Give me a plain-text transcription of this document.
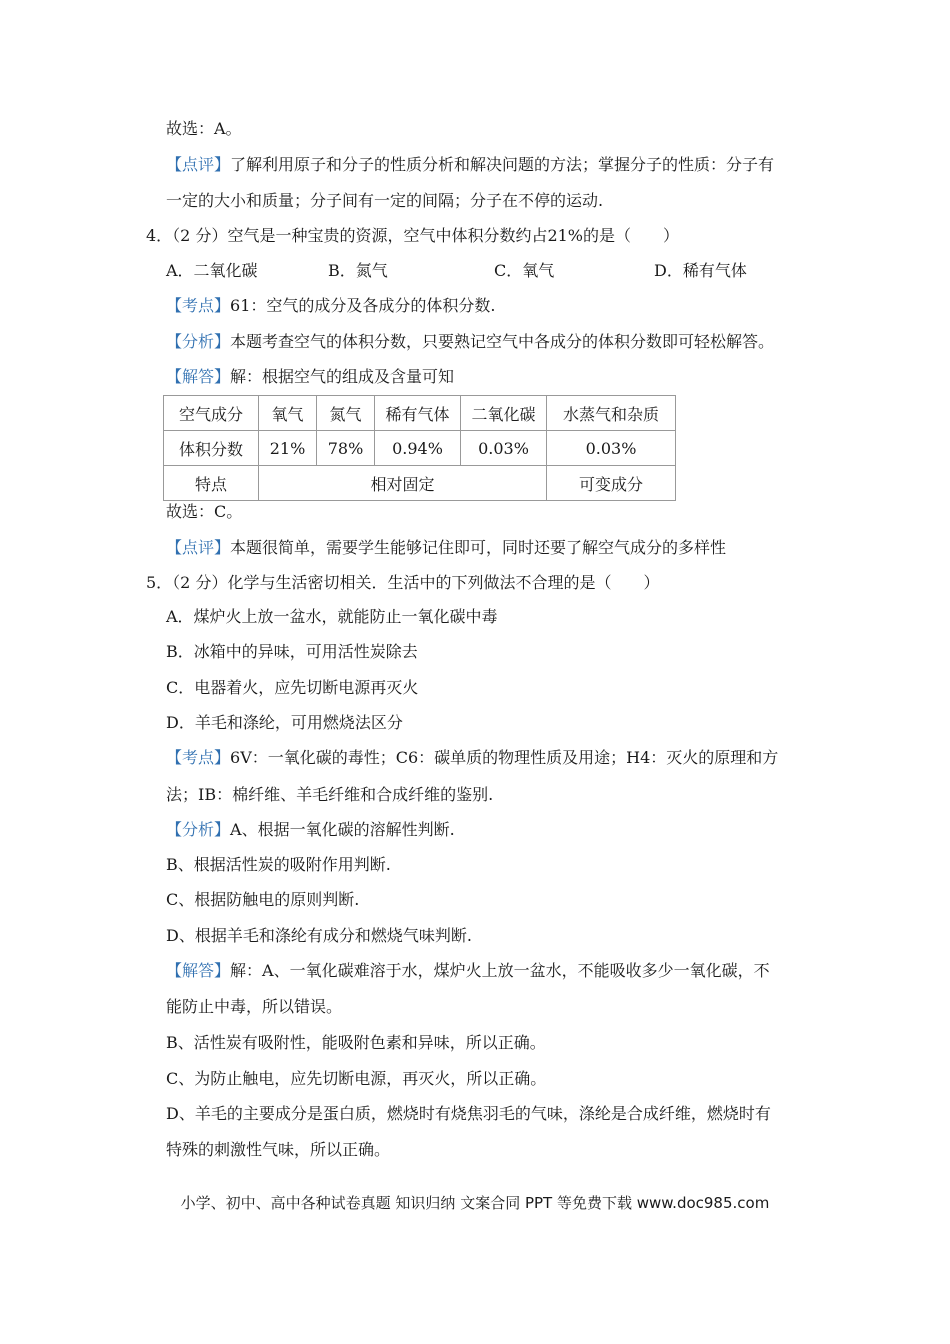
故选：A。
【点评】了解利用原子和分子的性质分析和解决问题的方法；掌握分子的性质：分子有
一定的大小和质量；分子间有一定的间隔；分子在不停的运动.
4．（2 分）空气是一种宝贵的资源，空气中体积分数约占21%的是（　　）
A．二氧化碳	B．氮气	C．氧气	D．稀有气体
【考点】61：空气的成分及各成分的体积分数.
【分析】本题考查空气的体积分数，只要熟记空气中各成分的体积分数即可轻松解答。
【解答】解：根据空气的组成及含量可知
空气成分	氧气	氮气	稀有气体	二氧化碳	水蒸气和杂质
体积分数	21%	78%	0.94%	0.03%	0.03%
特点	相对固定				可变成分
故选：C。
【点评】本题很简单，需要学生能够记住即可，同时还要了解空气成分的多样性
5．（2 分）化学与生活密切相关．生活中的下列做法不合理的是（　　）
A．煤炉火上放一盆水，就能防止一氧化碳中毒
B．冰箱中的异味，可用活性炭除去
C．电器着火，应先切断电源再灭火
D．羊毛和涤纶，可用燃烧法区分
【考点】6V：一氧化碳的毒性；C6：碳单质的物理性质及用途；H4：灭火的原理和方
法；IB：棉纤维、羊毛纤维和合成纤维的鉴别.
【分析】A、根据一氧化碳的溶解性判断.
B、根据活性炭的吸附作用判断.
C、根据防触电的原则判断.
D、根据羊毛和涤纶有成分和燃烧气味判断.
【解答】解：A、一氧化碳难溶于水，煤炉火上放一盆水，不能吸收多少一氧化碳，不
能防止中毒，所以错误。
B、活性炭有吸附性，能吸附色素和异味，所以正确。
C、为防止触电，应先切断电源，再灭火，所以正确。
D、羊毛的主要成分是蛋白质，燃烧时有烧焦羽毛的气味，涤纶是合成纤维，燃烧时有
特殊的刺激性气味，所以正确。
小学、初中、高中各种试卷真题 知识归纳 文案合同 PPT 等免费下载 www.doc985.com
